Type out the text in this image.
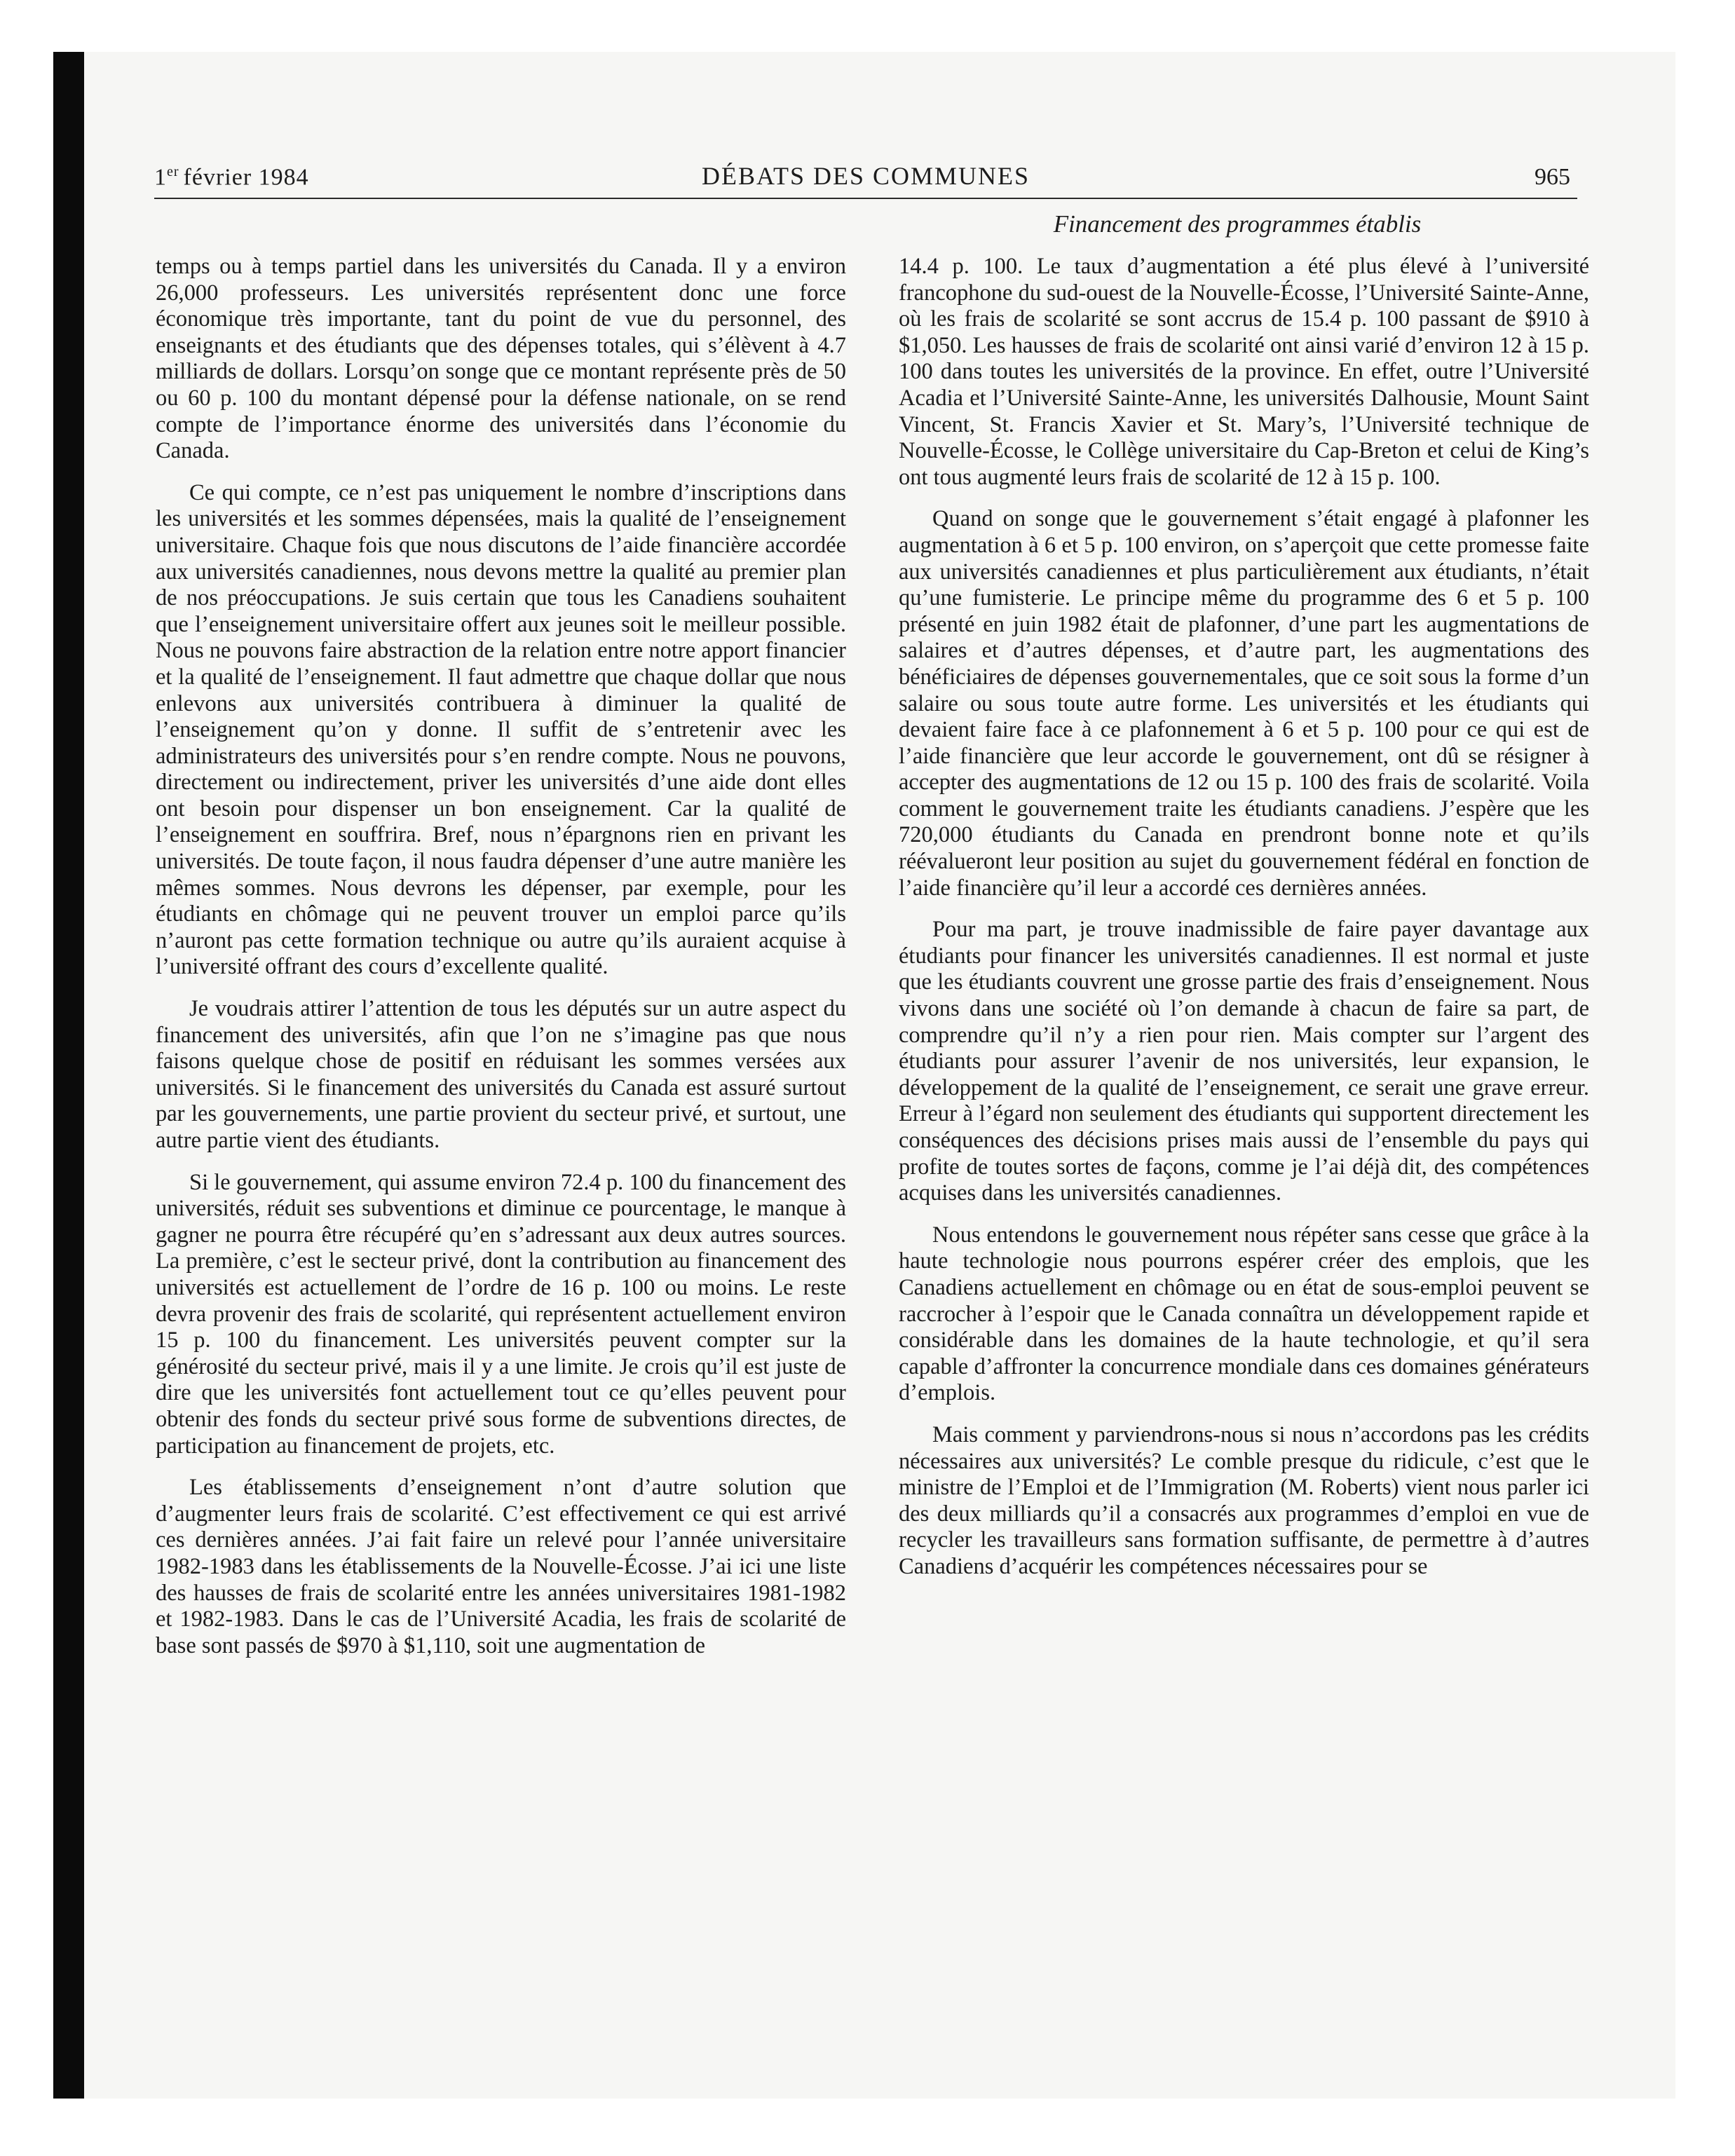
1er février 1984	DÉBATS DES COMMUNES	965
Financement des programmes établis

temps ou à temps partiel dans les universités du Canada. Il y a environ 26,000 professeurs. Les universités représentent donc une force économique très importante, tant du point de vue du personnel, des enseignants et des étudiants que des dépenses totales, qui s’élèvent à 4.7 milliards de dollars. Lorsqu’on songe que ce montant représente près de 50 ou 60 p. 100 du montant dépensé pour la défense nationale, on se rend compte de l’importance énorme des universités dans l’économie du Canada.

Ce qui compte, ce n’est pas uniquement le nombre d’inscriptions dans les universités et les sommes dépensées, mais la qualité de l’enseignement universitaire. Chaque fois que nous discutons de l’aide financière accordée aux universités canadiennes, nous devons mettre la qualité au premier plan de nos préoccupations. Je suis certain que tous les Canadiens souhaitent que l’enseignement universitaire offert aux jeunes soit le meilleur possible. Nous ne pouvons faire abstraction de la relation entre notre apport financier et la qualité de l’enseignement. Il faut admettre que chaque dollar que nous enlevons aux universités contribuera à diminuer la qualité de l’enseignement qu’on y donne. Il suffit de s’entretenir avec les administrateurs des universités pour s’en rendre compte. Nous ne pouvons, directement ou indirectement, priver les universités d’une aide dont elles ont besoin pour dispenser un bon enseignement. Car la qualité de l’enseignement en souffrira. Bref, nous n’épargnons rien en privant les universités. De toute façon, il nous faudra dépenser d’une autre manière les mêmes sommes. Nous devrons les dépenser, par exemple, pour les étudiants en chômage qui ne peuvent trouver un emploi parce qu’ils n’auront pas cette formation technique ou autre qu’ils auraient acquise à l’université offrant des cours d’excellente qualité.

Je voudrais attirer l’attention de tous les députés sur un autre aspect du financement des universités, afin que l’on ne s’imagine pas que nous faisons quelque chose de positif en réduisant les sommes versées aux universités. Si le financement des universités du Canada est assuré surtout par les gouvernements, une partie provient du secteur privé, et surtout, une autre partie vient des étudiants.

Si le gouvernement, qui assume environ 72.4 p. 100 du financement des universités, réduit ses subventions et diminue ce pourcentage, le manque à gagner ne pourra être récupéré qu’en s’adressant aux deux autres sources. La première, c’est le secteur privé, dont la contribution au financement des universités est actuellement de l’ordre de 16 p. 100 ou moins. Le reste devra provenir des frais de scolarité, qui représentent actuellement environ 15 p. 100 du financement. Les universités peuvent compter sur la générosité du secteur privé, mais il y a une limite. Je crois qu’il est juste de dire que les universités font actuellement tout ce qu’elles peuvent pour obtenir des fonds du secteur privé sous forme de subventions directes, de participation au financement de projets, etc.

Les établissements d’enseignement n’ont d’autre solution que d’augmenter leurs frais de scolarité. C’est effectivement ce qui est arrivé ces dernières années. J’ai fait faire un relevé pour l’année universitaire 1982-1983 dans les établissements de la Nouvelle-Écosse. J’ai ici une liste des hausses de frais de scolarité entre les années universitaires 1981-1982 et 1982-1983. Dans le cas de l’Université Acadia, les frais de scolarité de base sont passés de $970 à $1,110, soit une augmentation de

14.4 p. 100. Le taux d’augmentation a été plus élevé à l’université francophone du sud-ouest de la Nouvelle-Écosse, l’Université Sainte-Anne, où les frais de scolarité se sont accrus de 15.4 p. 100 passant de $910 à $1,050. Les hausses de frais de scolarité ont ainsi varié d’environ 12 à 15 p. 100 dans toutes les universités de la province. En effet, outre l’Université Acadia et l’Université Sainte-Anne, les universités Dalhousie, Mount Saint Vincent, St. Francis Xavier et St. Mary’s, l’Université technique de Nouvelle-Écosse, le Collège universitaire du Cap-Breton et celui de King’s ont tous augmenté leurs frais de scolarité de 12 à 15 p. 100.

Quand on songe que le gouvernement s’était engagé à plafonner les augmentation à 6 et 5 p. 100 environ, on s’aperçoit que cette promesse faite aux universités canadiennes et plus particulièrement aux étudiants, n’était qu’une fumisterie. Le principe même du programme des 6 et 5 p. 100 présenté en juin 1982 était de plafonner, d’une part les augmentations de salaires et d’autres dépenses, et d’autre part, les augmentations des bénéficiaires de dépenses gouvernementales, que ce soit sous la forme d’un salaire ou sous toute autre forme. Les universités et les étudiants qui devaient faire face à ce plafonnement à 6 et 5 p. 100 pour ce qui est de l’aide financière que leur accorde le gouvernement, ont dû se résigner à accepter des augmentations de 12 ou 15 p. 100 des frais de scolarité. Voila comment le gouvernement traite les étudiants canadiens. J’espère que les 720,000 étudiants du Canada en prendront bonne note et qu’ils réévalueront leur position au sujet du gouvernement fédéral en fonction de l’aide financière qu’il leur a accordé ces dernières années.

Pour ma part, je trouve inadmissible de faire payer davantage aux étudiants pour financer les universités canadiennes. Il est normal et juste que les étudiants couvrent une grosse partie des frais d’enseignement. Nous vivons dans une société où l’on demande à chacun de faire sa part, de comprendre qu’il n’y a rien pour rien. Mais compter sur l’argent des étudiants pour assurer l’avenir de nos universités, leur expansion, le développement de la qualité de l’enseignement, ce serait une grave erreur. Erreur à l’égard non seulement des étudiants qui supportent directement les conséquences des décisions prises mais aussi de l’ensemble du pays qui profite de toutes sortes de façons, comme je l’ai déjà dit, des compétences acquises dans les universités canadiennes.

Nous entendons le gouvernement nous répéter sans cesse que grâce à la haute technologie nous pourrons espérer créer des emplois, que les Canadiens actuellement en chômage ou en état de sous-emploi peuvent se raccrocher à l’espoir que le Canada connaîtra un développement rapide et considérable dans les domaines de la haute technologie, et qu’il sera capable d’affronter la concurrence mondiale dans ces domaines générateurs d’emplois.

Mais comment y parviendrons-nous si nous n’accordons pas les crédits nécessaires aux universités? Le comble presque du ridicule, c’est que le ministre de l’Emploi et de l’Immigration (M. Roberts) vient nous parler ici des deux milliards qu’il a consacrés aux programmes d’emploi en vue de recycler les travailleurs sans formation suffisante, de permettre à d’autres Canadiens d’acquérir les compétences nécessaires pour se
